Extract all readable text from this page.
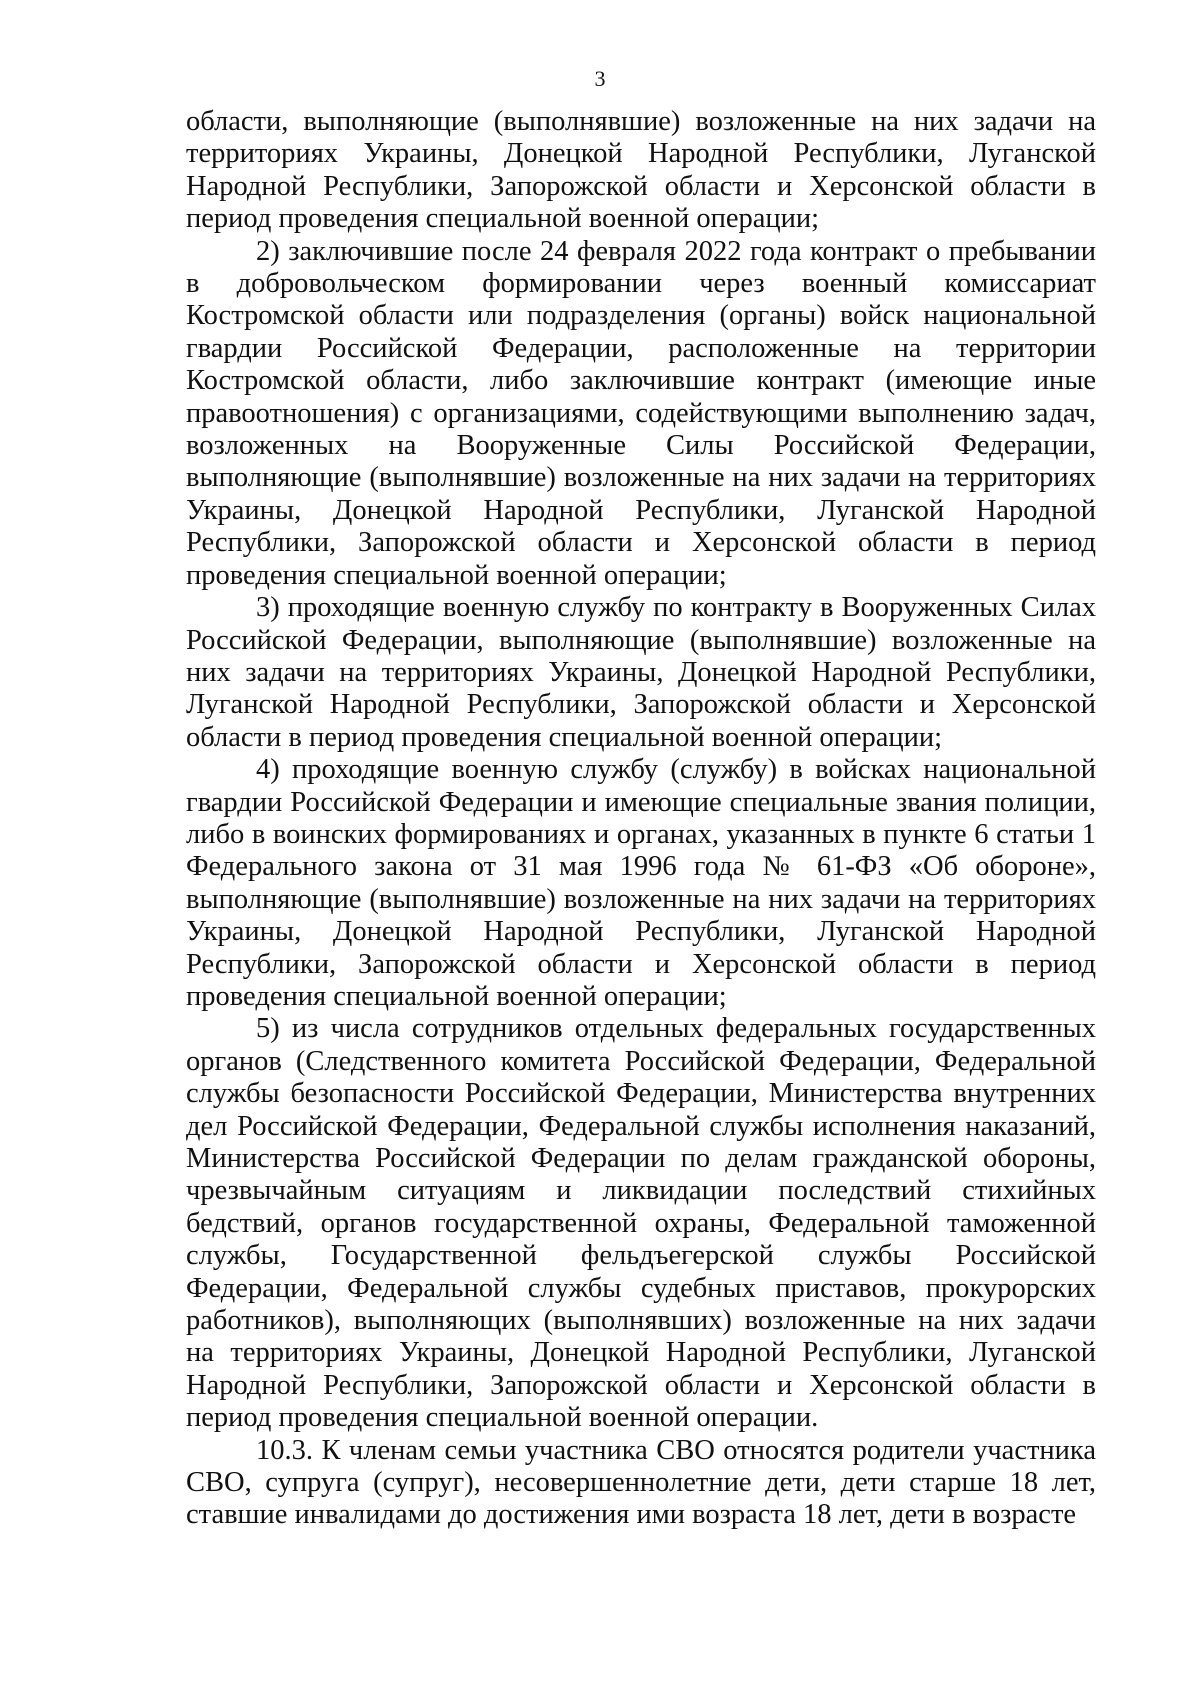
3

области, выполняющие (выполнявшие) возложенные на них задачи на территориях Украины, Донецкой Народной Республики, Луганской Народной Республики, Запорожской области и Херсонской области в период проведения специальной военной операции;

2) заключившие после 24 февраля 2022 года контракт о пребывании в добровольческом формировании через военный комиссариат Костромской области или подразделения (органы) войск национальной гвардии Российской Федерации, расположенные на территории Костромской области, либо заключившие контракт (имеющие иные правоотношения) с организациями, содействующими выполнению задач, возложенных на Вооруженные Силы Российской Федерации, выполняющие (выполнявшие) возложенные на них задачи на территориях Украины, Донецкой Народной Республики, Луганской Народной Республики, Запорожской области и Херсонской области в период проведения специальной военной операции;

3) проходящие военную службу по контракту в Вооруженных Силах Российской Федерации, выполняющие (выполнявшие) возложенные на них задачи на территориях Украины, Донецкой Народной Республики, Луганской Народной Республики, Запорожской области и Херсонской области в период проведения специальной военной операции;

4) проходящие военную службу (службу) в войсках национальной гвардии Российской Федерации и имеющие специальные звания полиции, либо в воинских формированиях и органах, указанных в пункте 6 статьи 1 Федерального закона от 31 мая 1996 года № 61-ФЗ «Об обороне», выполняющие (выполнявшие) возложенные на них задачи на территориях Украины, Донецкой Народной Республики, Луганской Народной Республики, Запорожской области и Херсонской области в период проведения специальной военной операции;

5) из числа сотрудников отдельных федеральных государственных органов (Следственного комитета Российской Федерации, Федеральной службы безопасности Российской Федерации, Министерства внутренних дел Российской Федерации, Федеральной службы исполнения наказаний, Министерства Российской Федерации по делам гражданской обороны, чрезвычайным ситуациям и ликвидации последствий стихийных бедствий, органов государственной охраны, Федеральной таможенной службы, Государственной фельдъегерской службы Российской Федерации, Федеральной службы судебных приставов, прокурорских работников), выполняющих (выполнявших) возложенные на них задачи на территориях Украины, Донецкой Народной Республики, Луганской Народной Республики, Запорожской области и Херсонской области в период проведения специальной военной операции.

10.3. К членам семьи участника СВО относятся родители участника СВО, супруга (супруг), несовершеннолетние дети, дети старше 18 лет, ставшие инвалидами до достижения ими возраста 18 лет, дети в возрасте
